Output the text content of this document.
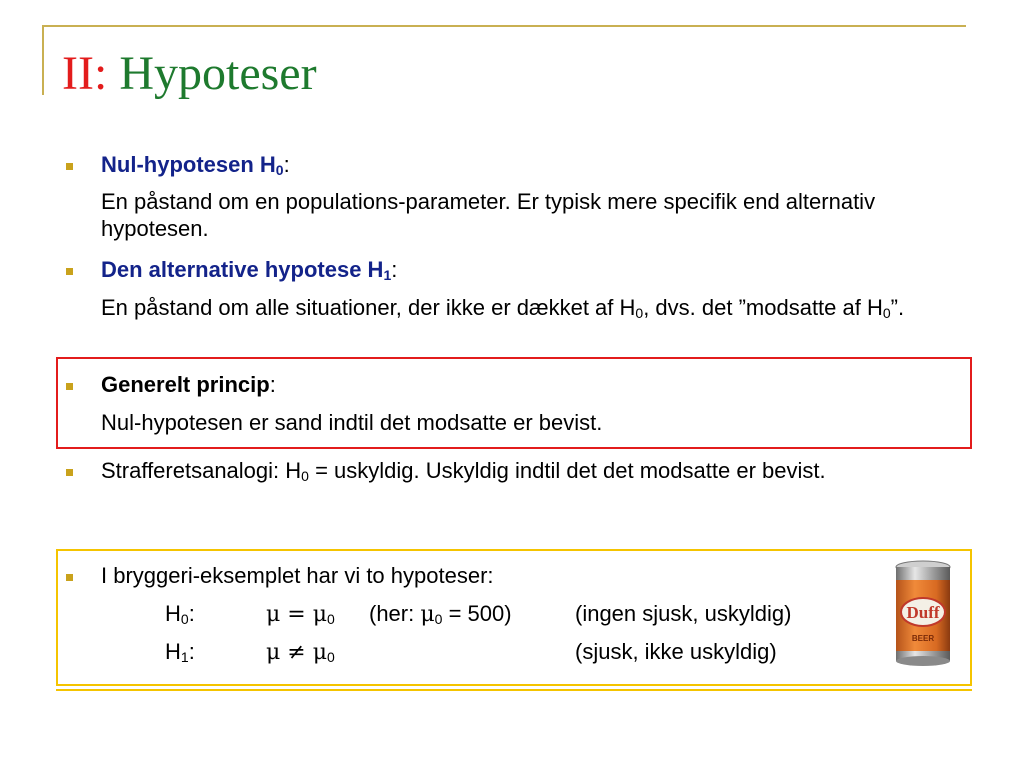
II: Hypoteser
Nul-hypotesen $H_0$:
En påstand om en populations-parameter. Er typisk mere specifik end alternativ hypotesen.
Den alternative hypotese $H_1$:
En påstand om alle situationer, der ikke er dækket af $H_0$, dvs. det ”modsatte af $H_0$”.
Generelt princip:
Nul-hypotesen er sand indtil det modsatte er bevist.
Strafferetsanalogi: $H_0$ = uskyldig. Uskyldig indtil det det modsatte er bevist.
I bryggeri-eksemplet har vi to hypoteser:
$H_0$:	$\mu = \mu_0$ (her: $\mu_0 = 500$)	(ingen sjusk, uskyldig)
$H_1$:	$\mu \ne \mu_0$	(sjusk, ikke uskyldig)
Duff
BEER
